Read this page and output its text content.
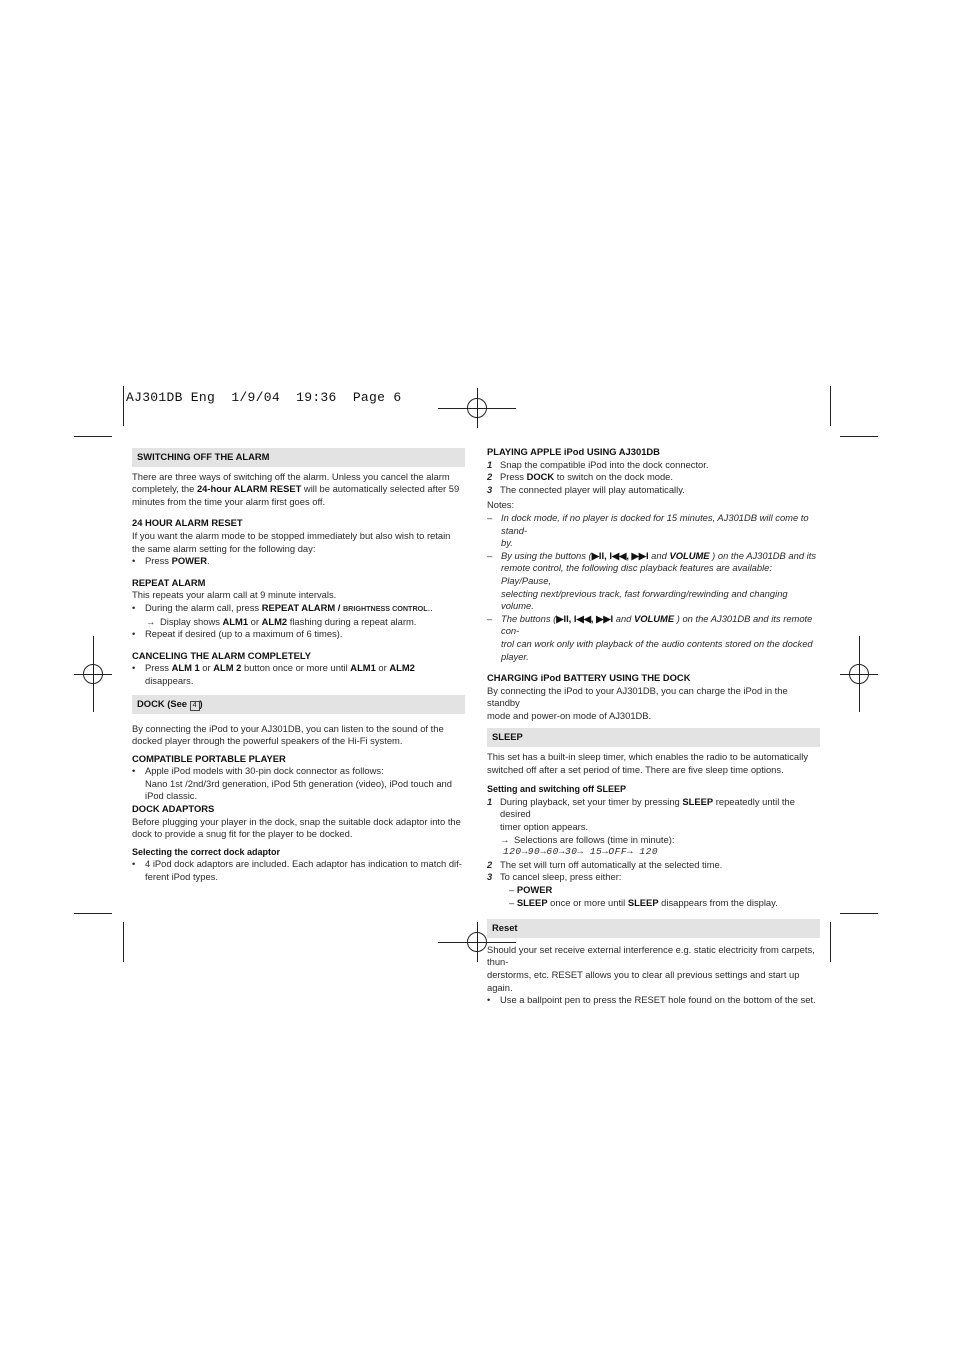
AJ301DB Eng  1/9/04  19:36  Page 6
SWITCHING OFF THE ALARM

There are three ways of switching off the alarm. Unless you cancel the alarm

completely, the 24-hour ALARM RESET will be automatically selected after 59

minutes from the time your alarm first goes off.

24 HOUR ALARM RESET

If you want the alarm mode to be stopped immediately but also wish to retain

the same alarm setting for the following day:

• Press POWER.
REPEAT ALARM

This repeats your alarm call at 9 minute intervals.

• During the alarm call, press REPEAT ALARM / BRIGHTNESS CONTROL..
→ Display shows ALM1 or ALM2 flashing during a repeat alarm.
• Repeat if desired (up to a maximum of 6 times).
CANCELING THE ALARM COMPLETELY
• Press ALM 1 or ALM 2 button once or more until ALM1 or ALM2 disappears.
DOCK (See 4 )

By connecting the iPod to your AJ301DB, you can listen to the sound of the

docked player through the powerful speakers of the Hi-Fi system.

COMPATIBLE PORTABLE PLAYER
• Apple iPod models with 30-pin dock connector as follows:

Nano 1st /2nd/3rd generation, iPod 5th generation (video), iPod touch and

iPod classic.

DOCK ADAPTORS

Before plugging your player in the dock, snap the suitable dock adaptor into the

dock to provide a snug fit for the player to be docked.

Selecting the correct dock adaptor
• 4 iPod dock adaptors are included. Each adaptor has indication to match dif-

ferent iPod types.

PLAYING APPLE iPod USING AJ301DB
1 Snap the compatible iPod into the dock connector.
2 Press DOCK to switch on the dock mode.
3 The connected player will play automatically.

Notes:

– In dock mode, if no player is docked for 15 minutes, AJ301DB will come to stand-

by.

– By using the buttons (▶II, I◀◀, ▶▶I and VOLUME ) on the AJ301DB and its

remote control, the following disc playback features are available: Play/Pause,

selecting next/previous track, fast forwarding/rewinding and changing volume.

– The buttons (▶II, I◀◀, ▶▶I and VOLUME ) on the AJ301DB and its remote con-

trol can work only with playback of the audio contents stored on the docked player.

CHARGING iPod BATTERY USING THE DOCK

By connecting the iPod to your AJ301DB, you can charge the iPod in the standby

mode and power-on mode of AJ301DB.

SLEEP

This set has a built-in sleep timer, which enables the radio to be automatically

switched off after a set period of time. There are five sleep time options.

Setting and switching off SLEEP
1 During playback, set your timer by pressing SLEEP repeatedly until the desired

timer option appears.

→ Selections are follows (time in minute):

120→90→60→30→ 15→OFF→ 120

2 The set will turn off automatically at the selected time.
3 To cancel sleep, press either:

– POWER

– SLEEP once or more until SLEEP disappears from the display.

Reset

Should your set receive external interference e.g. static electricity from carpets, thun-

derstorms, etc. RESET allows you to clear all previous settings and start up again.

• Use a ballpoint pen to press the RESET hole found on the bottom of the set.
